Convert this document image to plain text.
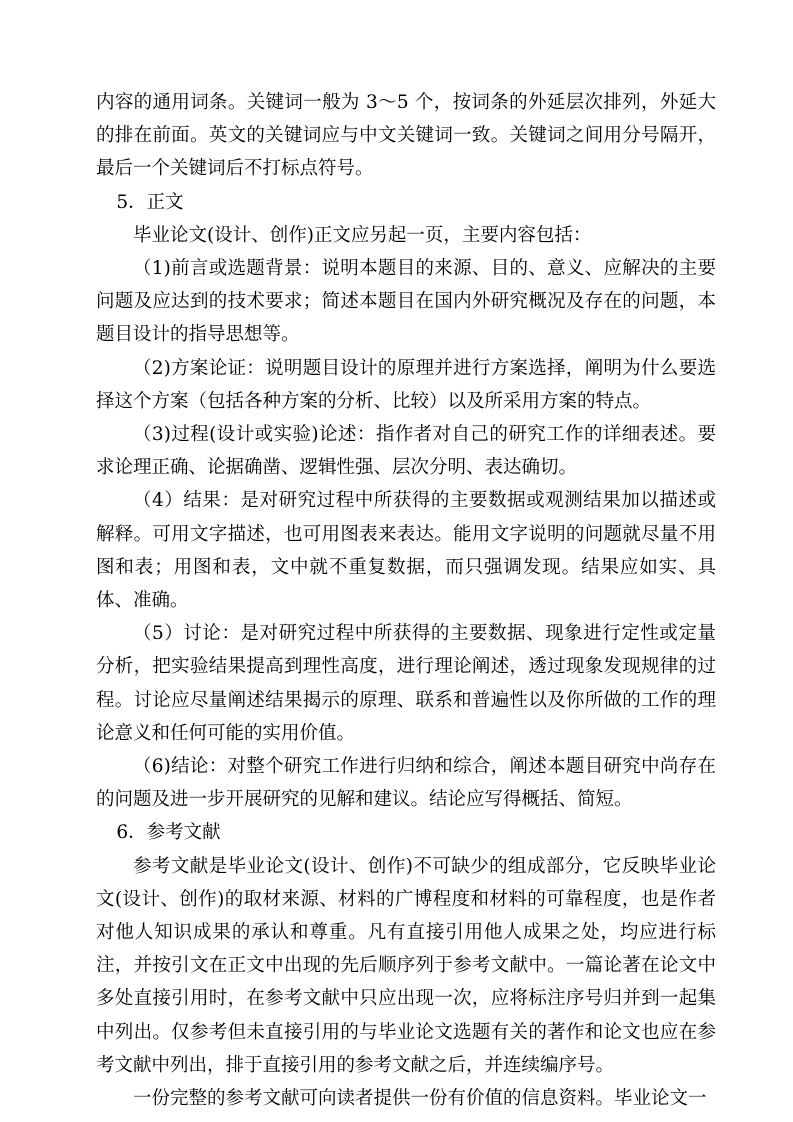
内容的通用词条。关键词一般为 3～5 个，按词条的外延层次排列，外延大的排在前面。英文的关键词应与中文关键词一致。关键词之间用分号隔开，最后一个关键词后不打标点符号。

5．正文

毕业论文(设计、创作)正文应另起一页，主要内容包括：

（1)前言或选题背景：说明本题目的来源、目的、意义、应解决的主要问题及应达到的技术要求；简述本题目在国内外研究概况及存在的问题，本题目设计的指导思想等。

（2)方案论证：说明题目设计的原理并进行方案选择，阐明为什么要选择这个方案（包括各种方案的分析、比较）以及所采用方案的特点。

（3)过程(设计或实验)论述：指作者对自己的研究工作的详细表述。要求论理正确、论据确凿、逻辑性强、层次分明、表达确切。

（4）结果：是对研究过程中所获得的主要数据或观测结果加以描述或解释。可用文字描述，也可用图表来表达。能用文字说明的问题就尽量不用图和表；用图和表，文中就不重复数据，而只强调发现。结果应如实、具体、准确。

（5）讨论：是对研究过程中所获得的主要数据、现象进行定性或定量分析，把实验结果提高到理性高度，进行理论阐述，透过现象发现规律的过程。讨论应尽量阐述结果揭示的原理、联系和普遍性以及你所做的工作的理论意义和任何可能的实用价值。

（6)结论：对整个研究工作进行归纳和综合，阐述本题目研究中尚存在的问题及进一步开展研究的见解和建议。结论应写得概括、简短。

6．参考文献

参考文献是毕业论文(设计、创作)不可缺少的组成部分，它反映毕业论文(设计、创作)的取材来源、材料的广博程度和材料的可靠程度，也是作者对他人知识成果的承认和尊重。凡有直接引用他人成果之处，均应进行标注，并按引文在正文中出现的先后顺序列于参考文献中。一篇论著在论文中多处直接引用时，在参考文献中只应出现一次，应将标注序号归并到一起集中列出。仅参考但未直接引用的与毕业论文选题有关的著作和论文也应在参考文献中列出，排于直接引用的参考文献之后，并连续编序号。

一份完整的参考文献可向读者提供一份有价值的信息资料。毕业论文一
